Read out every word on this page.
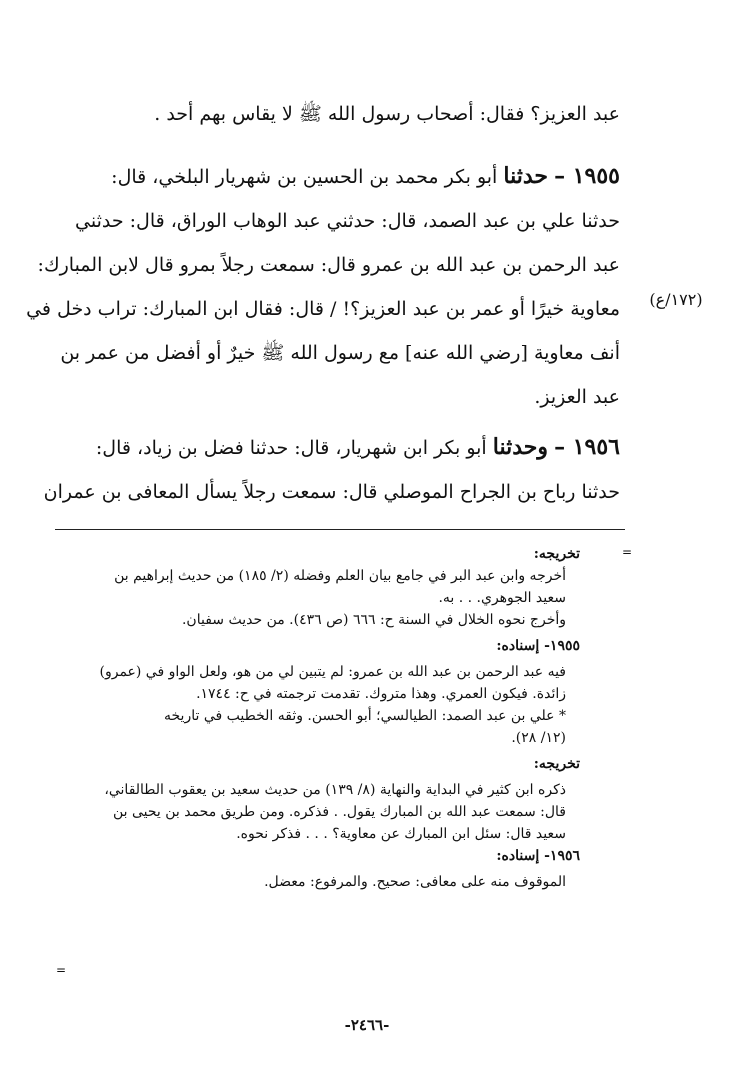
عبد العزيز؟ فقال: أصحاب رسول الله ﷺ لا يقاس بهم أحد .
١٩٥٥ – حدثنا أبو بكر محمد بن الحسين بن شهريار البلخي، قال:
حدثنا علي بن عبد الصمد، قال: حدثني عبد الوهاب الوراق، قال: حدثني
عبد الرحمن بن عبد الله بن عمرو قال: سمعت رجلاً بمرو قال لابن المبارك:
معاوية خيرًا أو عمر بن عبد العزيز؟! / قال: فقال ابن المبارك: تراب دخل في
أنف معاوية [رضي الله عنه] مع رسول الله ﷺ خيرٌ أو أفضل من عمر بن
عبد العزيز.
١٩٥٦ – وحدثنا أبو بكر ابن شهريار، قال: حدثنا فضل بن زياد، قال:
حدثنا رباح بن الجراح الموصلي قال: سمعت رجلاً يسأل المعافى بن عمران
(١٧٢/ع)
=
=
تخريجه:
أخرجه وابن عبد البر في جامع بيان العلم وفضله (٢/ ١٨٥) من حديث إبراهيم بن
سعيد الجوهري. . . به.
وأخرج نحوه الخلال في السنة ح: ٦٦٦ (ص ٤٣٦). من حديث سفيان.
١٩٥٥- إسناده:
فيه عبد الرحمن بن عبد الله بن عمرو: لم يتبين لي من هو، ولعل الواو في (عمرو)
زائدة. فيكون العمري. وهذا متروك. تقدمت ترجمته في ح: ١٧٤٤.
* علي بن عبد الصمد: الطيالسي؛ أبو الحسن. وثقه الخطيب في تاريخه
(١٢/ ٢٨).
تخريجه:
ذكره ابن كثير في البداية والنهاية (٨/ ١٣٩) من حديث سعيد بن يعقوب الطالقاني،
قال: سمعت عبد الله بن المبارك يقول. . فذكره. ومن طريق محمد بن يحيى بن
سعيد قال: سئل ابن المبارك عن معاوية؟ . . . فذكر نحوه.
١٩٥٦- إسناده:
الموقوف منه على معافى: صحيح. والمرفوع: معضل.
-٢٤٦٦-
